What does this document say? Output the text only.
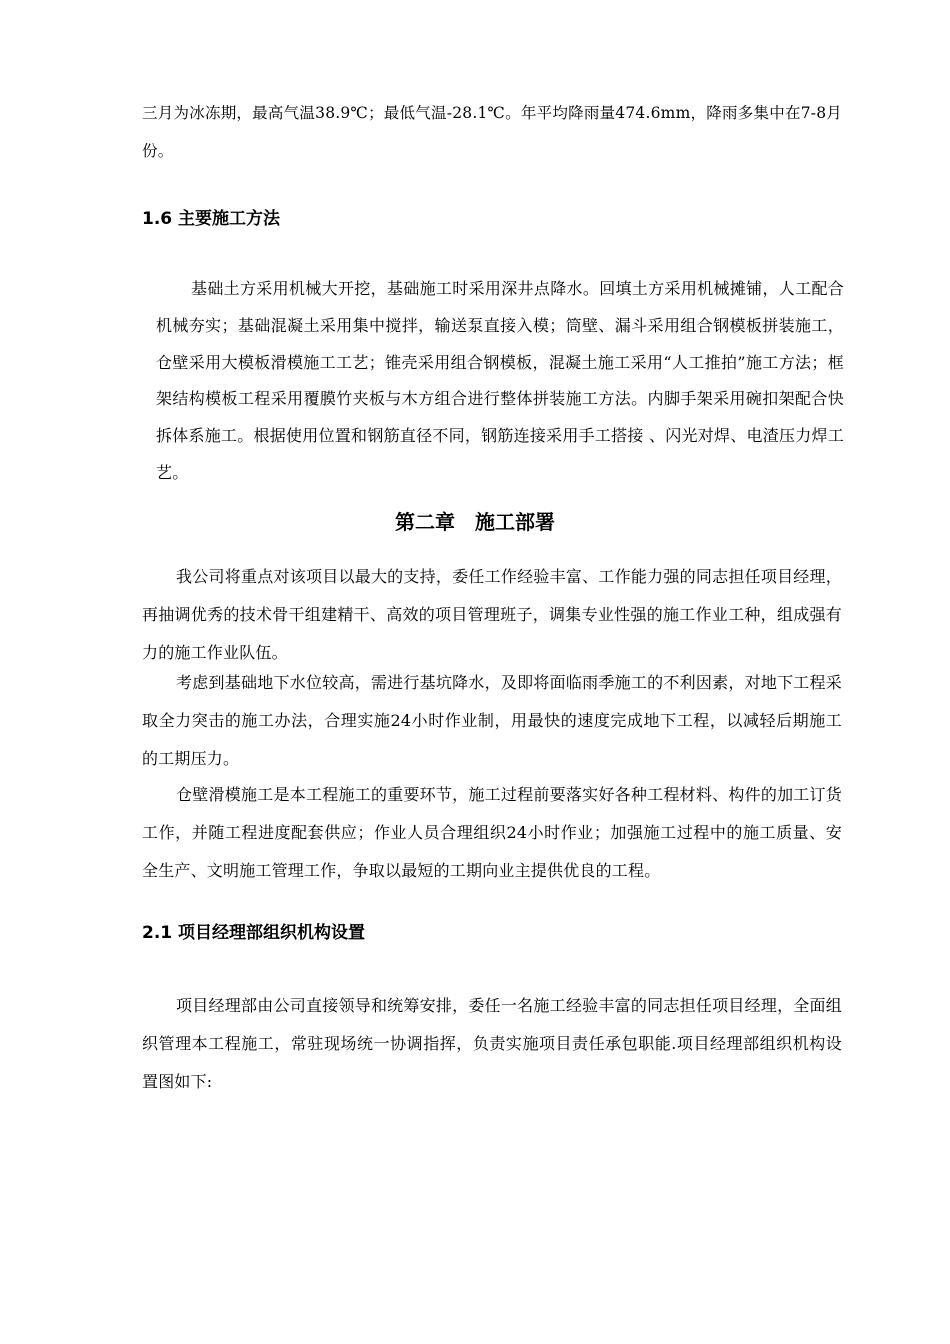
三月为冰冻期，最高气温38.9℃；最低气温-28.1℃。年平均降雨量474.6mm，降雨多集中在7-8月份。

1.6 主要施工方法

基础土方采用机械大开挖，基础施工时采用深井点降水。回填土方采用机械摊铺，人工配合机械夯实；基础混凝土采用集中搅拌，输送泵直接入模；筒壁、漏斗采用组合钢模板拼装施工，仓壁采用大模板滑模施工工艺；锥壳采用组合钢模板，混凝土施工采用“人工推拍”施工方法；框架结构模板工程采用覆膜竹夹板与木方组合进行整体拼装施工方法。内脚手架采用碗扣架配合快拆体系施工。根据使用位置和钢筋直径不同，钢筋连接采用手工搭接 、闪光对焊、电渣压力焊工艺。

第二章　施工部署

我公司将重点对该项目以最大的支持，委任工作经验丰富、工作能力强的同志担任项目经理，再抽调优秀的技术骨干组建精干、高效的项目管理班子，调集专业性强的施工作业工种，组成强有力的施工作业队伍。

考虑到基础地下水位较高，需进行基坑降水，及即将面临雨季施工的不利因素，对地下工程采取全力突击的施工办法，合理实施24小时作业制，用最快的速度完成地下工程，以减轻后期施工的工期压力。

仓壁滑模施工是本工程施工的重要环节，施工过程前要落实好各种工程材料、构件的加工订货工作，并随工程进度配套供应；作业人员合理组织24小时作业；加强施工过程中的施工质量、安全生产、文明施工管理工作，争取以最短的工期向业主提供优良的工程。

2.1 项目经理部组织机构设置

项目经理部由公司直接领导和统筹安排，委任一名施工经验丰富的同志担任项目经理，全面组织管理本工程施工，常驻现场统一协调指挥，负责实施项目责任承包职能.项目经理部组织机构设置图如下:
